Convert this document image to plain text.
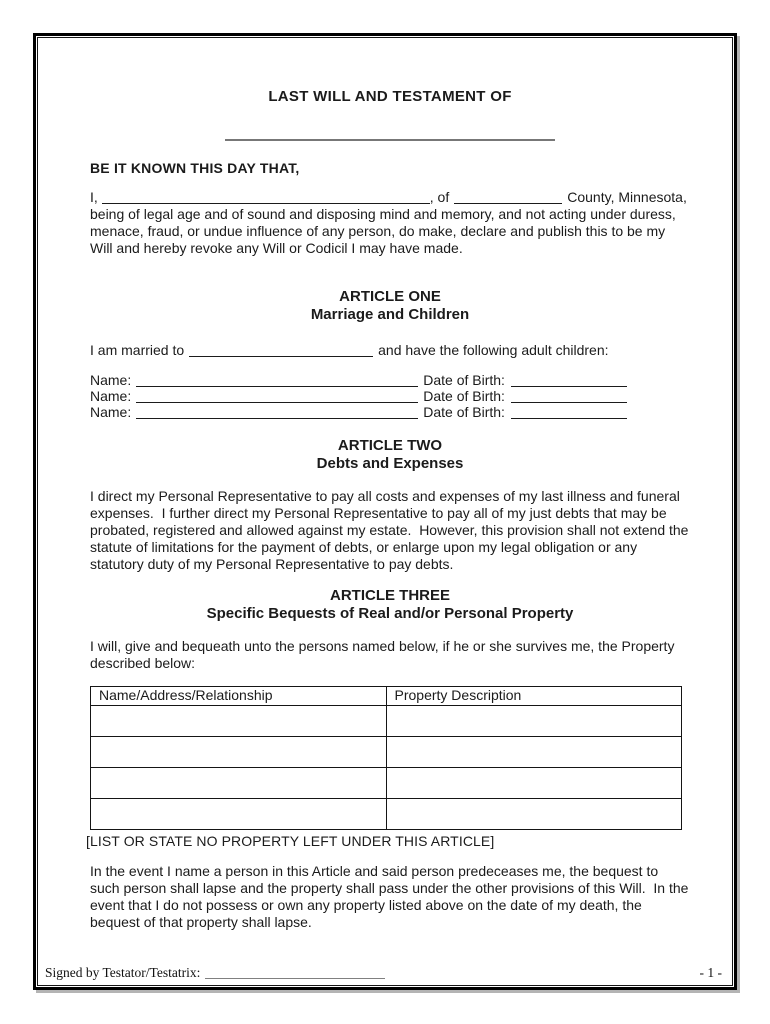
LAST WILL AND TESTAMENT OF
BE IT KNOWN THIS DAY THAT,
I,	, of	County, Minnesota,

being of legal age and of sound and disposing mind and memory, and not acting under duress, menace, fraud, or undue influence of any person, do make, declare and publish this to be my Will and hereby revoke any Will or Codicil I may have made.

ARTICLE ONE
Marriage and Children
I am married to	and have the following adult children:
Name:	Date of Birth:
Name:	Date of Birth:
Name:	Date of Birth:
ARTICLE TWO
Debts and Expenses

I direct my Personal Representative to pay all costs and expenses of my last illness and funeral expenses.  I further direct my Personal Representative to pay all of my just debts that may be probated, registered and allowed against my estate.  However, this provision shall not extend the statute of limitations for the payment of debts, or enlarge upon my legal obligation or any statutory duty of my Personal Representative to pay debts.

ARTICLE THREE
Specific Bequests of Real and/or Personal Property

I will, give and bequeath unto the persons named below, if he or she survives me, the Property described below:

Name/Address/Relationship	Property Description

[LIST OR STATE NO PROPERTY LEFT UNDER THIS ARTICLE]

In the event I name a person in this Article and said person predeceases me, the bequest to such person shall lapse and the property shall pass under the other provisions of this Will.  In the event that I do not possess or own any property listed above on the date of my death, the bequest of that property shall lapse.

Signed by Testator/Testatrix:	- 1 -
